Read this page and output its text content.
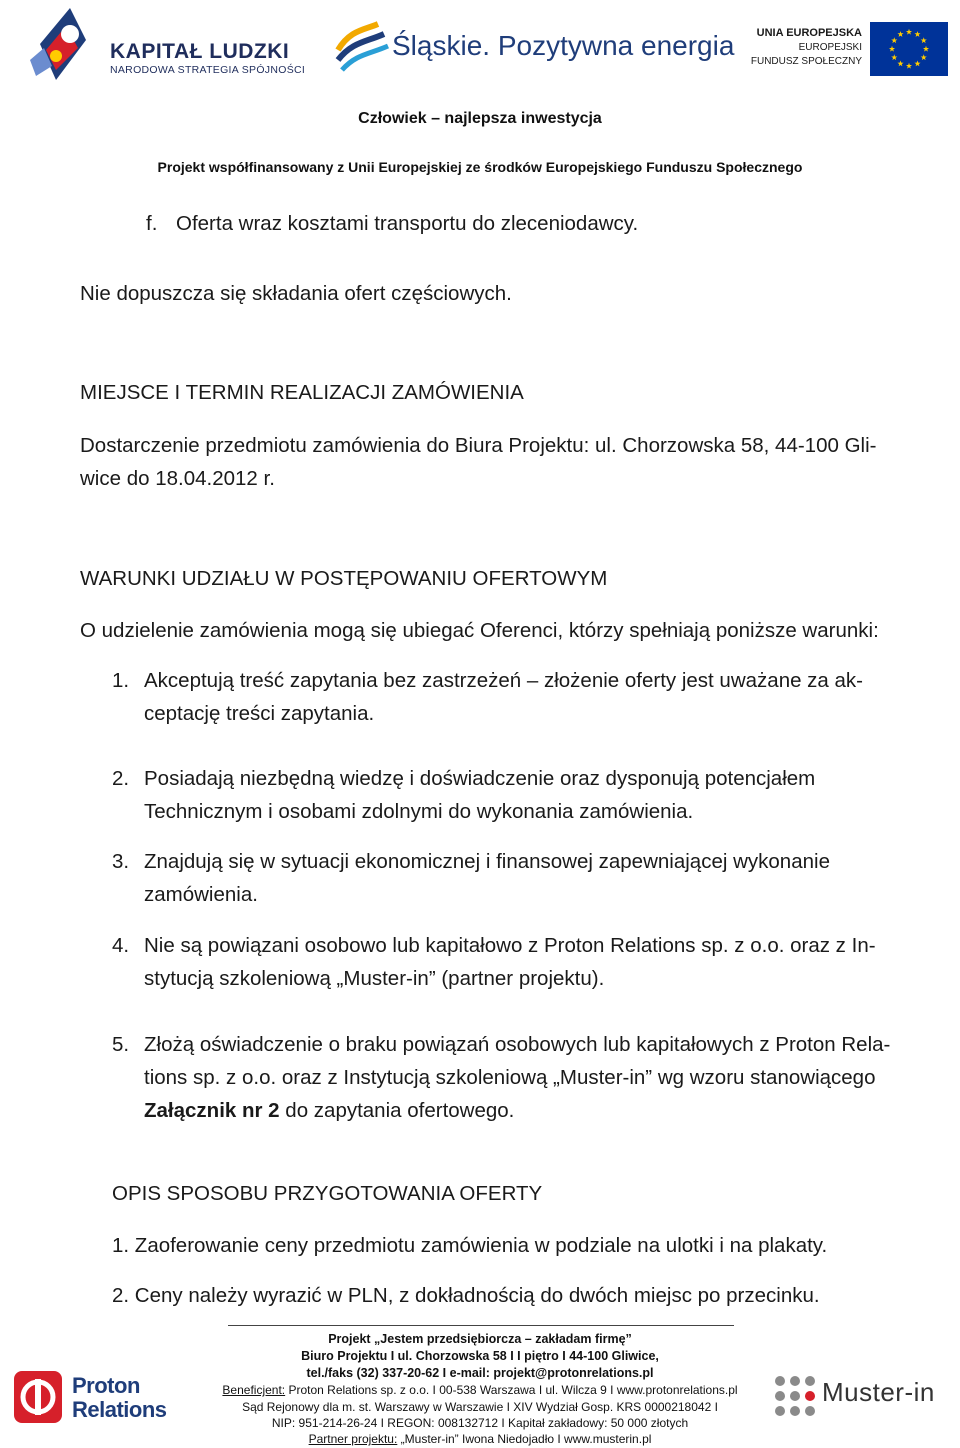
KAPITAŁ LUDZKI
NARODOWA STRATEGIA SPÓJNOŚCI
Śląskie. Pozytywna energia UNIA EUROPEJSKA
EUROPEJSKI
FUNDUSZ SPOŁECZNY
Człowiek – najlepsza inwestycja
Projekt współfinansowany z Unii Europejskiej ze środków Europejskiego Funduszu Społecznego
f. Oferta wraz kosztami transportu do zleceniodawcy.
Nie dopuszcza się składania ofert częściowych.
MIEJSCE I TERMIN REALIZACJI ZAMÓWIENIA
Dostarczenie przedmiotu zamówienia do Biura Projektu: ul. Chorzowska 58, 44-100 Gli-
wice do 18.04.2012 r.
WARUNKI UDZIAŁU W POSTĘPOWANIU OFERTOWYM
O udzielenie zamówienia mogą się ubiegać Oferenci, którzy spełniają poniższe warunki:
1. Akceptują treść zapytania bez zastrzeżeń – złożenie oferty jest uważane za ak-
ceptację treści zapytania.
2. Posiadają niezbędną wiedzę i doświadczenie oraz dysponują potencjałem
Technicznym i osobami zdolnymi do wykonania zamówienia.
3. Znajdują się w sytuacji ekonomicznej i finansowej zapewniającej wykonanie
zamówienia.
4. Nie są powiązani osobowo lub kapitałowo z Proton Relations sp. z o.o. oraz z In-
stytucją szkoleniową „Muster-in” (partner projektu).
5. Złożą oświadczenie o braku powiązań osobowych lub kapitałowych z Proton Rela-
tions sp. z o.o. oraz z Instytucją szkoleniową „Muster-in” wg wzoru stanowiącego
Załącznik nr 2 do zapytania ofertowego.
OPIS SPOSOBU PRZYGOTOWANIA OFERTY
1. Zaoferowanie ceny przedmiotu zamówienia w podziale na ulotki i na plakaty.
2. Ceny należy wyrazić w PLN, z dokładnością do dwóch miejsc po przecinku.
Projekt „Jestem przedsiębiorcza – zakładam firmę”
Biuro Projektu I ul. Chorzowska 58 I I piętro I 44-100 Gliwice,
tel./faks (32) 337-20-62 I e-mail: projekt@protonrelations.pl
Beneficjent: Proton Relations sp. z o.o. I 00-538 Warszawa I ul. Wilcza 9 I www.protonrelations.pl
Sąd Rejonowy dla m. st. Warszawy w Warszawie I XIV Wydział Gosp. KRS 0000218042 I
NIP: 951-214-26-24 I REGON: 008132712 I Kapitał zakładowy: 50 000 złotych
Partner projektu: „Muster-in” Iwona Niedojadło I www.musterin.pl
Proton
Relations
Muster-in
